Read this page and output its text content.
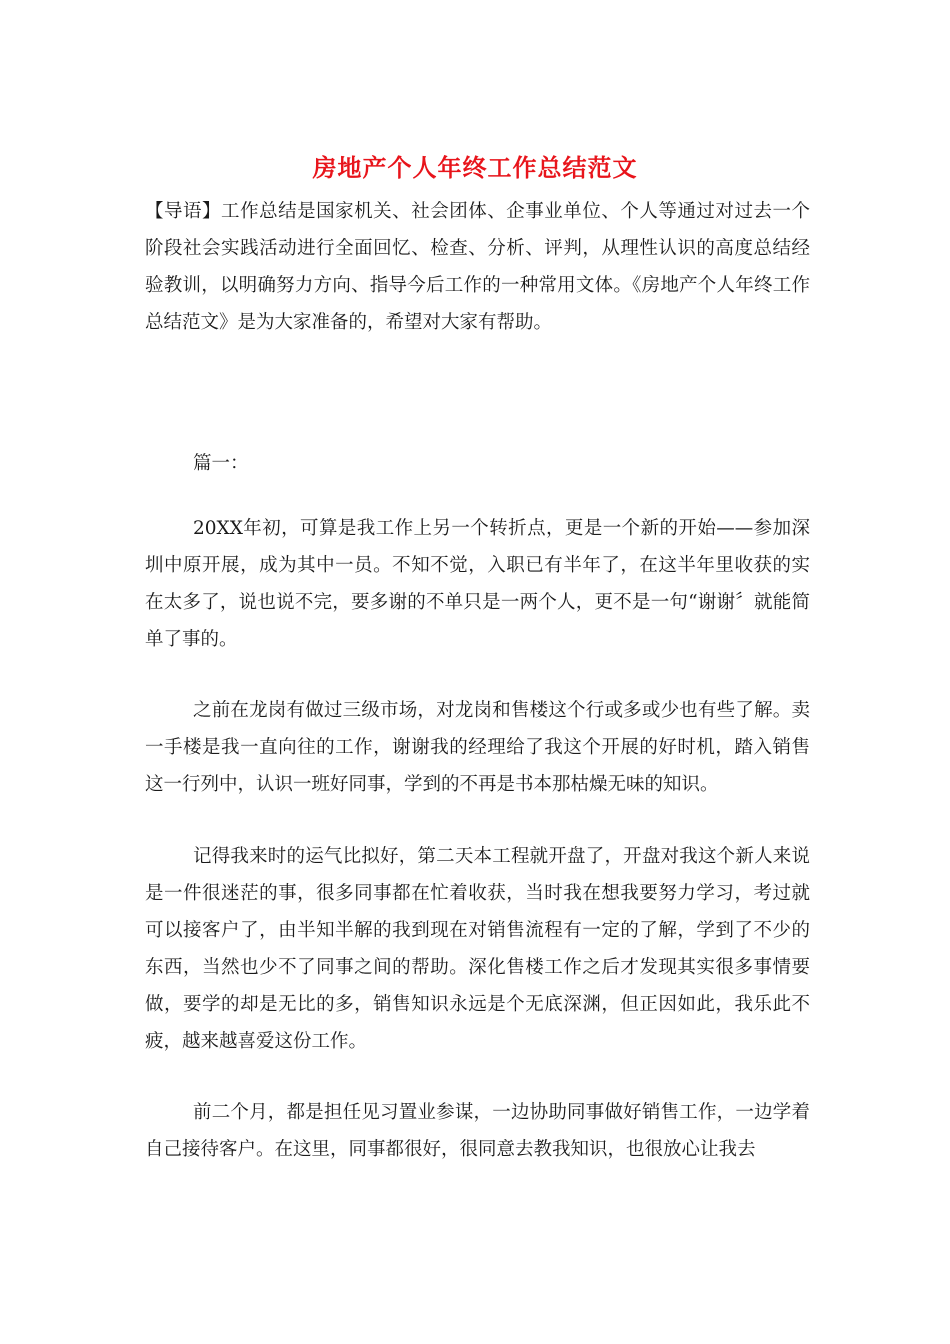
房地产个人年终工作总结范文

【导语】工作总结是国家机关、社会团体、企事业单位、个人等通过对过去一个阶段社会实践活动进行全面回忆、检查、分析、评判，从理性认识的高度总结经验教训，以明确努力方向、指导今后工作的一种常用文体。《房地产个人年终工作总结范文》是为大家准备的，希望对大家有帮助。

篇一：

20XX年初，可算是我工作上另一个转折点，更是一个新的开始——参加深圳中原开展，成为其中一员。不知不觉，入职已有半年了，在这半年里收获的实在太多了，说也说不完，要多谢的不单只是一两个人，更不是一句“谢谢〞就能简单了事的。

之前在龙岗有做过三级市场，对龙岗和售楼这个行或多或少也有些了解。卖一手楼是我一直向往的工作，谢谢我的经理给了我这个开展的好时机，踏入销售这一行列中，认识一班好同事，学到的不再是书本那枯燥无味的知识。

记得我来时的运气比拟好，第二天本工程就开盘了，开盘对我这个新人来说是一件很迷茫的事，很多同事都在忙着收获，当时我在想我要努力学习，考过就可以接客户了，由半知半解的我到现在对销售流程有一定的了解，学到了不少的东西，当然也少不了同事之间的帮助。深化售楼工作之后才发现其实很多事情要做，要学的却是无比的多，销售知识永远是个无底深渊，但正因如此，我乐此不疲，越来越喜爱这份工作。

前二个月，都是担任见习置业参谋，一边协助同事做好销售工作，一边学着自己接待客户。在这里，同事都很好，很同意去教我知识，也很放心让我去
